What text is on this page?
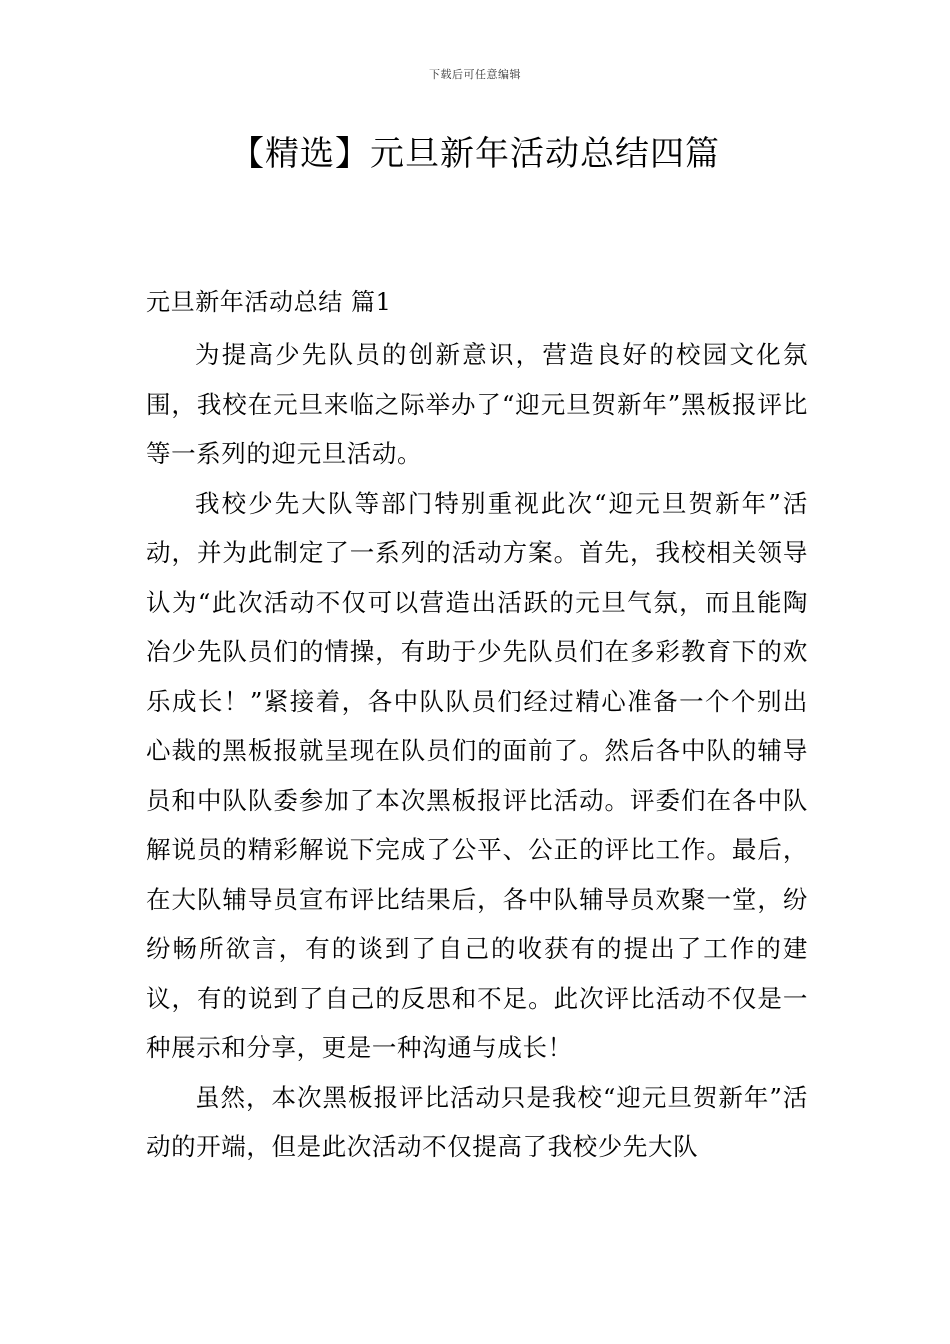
下载后可任意编辑
【精选】元旦新年活动总结四篇

元旦新年活动总结 篇1

为提高少先队员的创新意识，营造良好的校园文化氛围，我校在元旦来临之际举办了“迎元旦贺新年”黑板报评比等一系列的迎元旦活动。

我校少先大队等部门特别重视此次“迎元旦贺新年”活动，并为此制定了一系列的活动方案。首先，我校相关领导认为“此次活动不仅可以营造出活跃的元旦气氛，而且能陶冶少先队员们的情操，有助于少先队员们在多彩教育下的欢乐成长！”紧接着，各中队队员们经过精心准备一个个别出心裁的黑板报就呈现在队员们的面前了。然后各中队的辅导员和中队队委参加了本次黑板报评比活动。评委们在各中队解说员的精彩解说下完成了公平、公正的评比工作。最后，在大队辅导员宣布评比结果后，各中队辅导员欢聚一堂，纷纷畅所欲言，有的谈到了自己的收获有的提出了工作的建议，有的说到了自己的反思和不足。此次评比活动不仅是一种展示和分享，更是一种沟通与成长！

虽然，本次黑板报评比活动只是我校“迎元旦贺新年”活动的开端，但是此次活动不仅提高了我校少先大队
